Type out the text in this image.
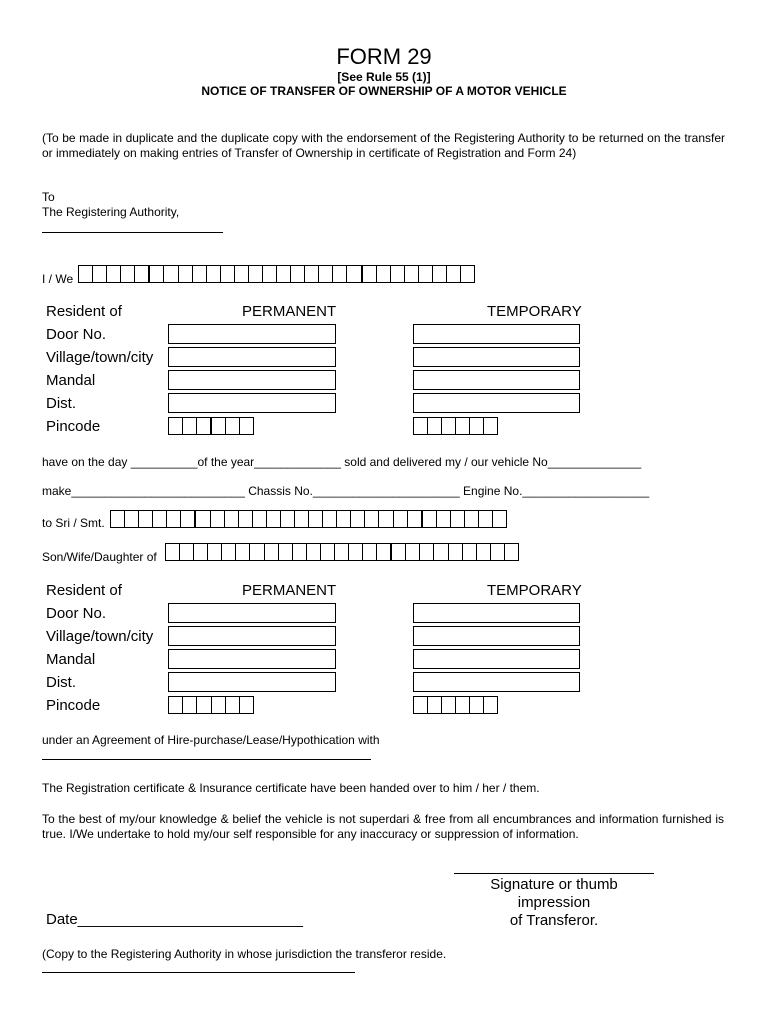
FORM 29
[See Rule 55 (1)]
NOTICE OF TRANSFER OF OWNERSHIP OF A MOTOR VEHICLE
(To be made in duplicate and the duplicate copy with the endorsement of the Registering Authority to be returned on the transfer or immediately on making entries of Transfer of Ownership in certificate of Registration and Form 24)
To
The Registering Authority,
I / We
Resident of	PERMANENT	TEMPORARY
Door No.
Village/town/city
Mandal
Dist.
Pincode
have on the day __________of the year_____________ sold and delivered my / our vehicle No______________
make__________________________ Chassis No.______________________ Engine No.___________________
to Sri / Smt.
Son/Wife/Daughter of
Resident of	PERMANENT	TEMPORARY
Door No.
Village/town/city
Mandal
Dist.
Pincode
under an Agreement of Hire-purchase/Lease/Hypothication with
The Registration certificate & Insurance certificate have been handed over to him / her / them.
To the best of my/our knowledge & belief the vehicle is not superdari & free from all encumbrances and information furnished is true. I/We undertake to hold my/our self responsible for any inaccuracy or suppression of information.
Signature or thumb
impression
of Transferor.
Date___________________________
(Copy to the Registering Authority in whose jurisdiction the transferor reside.
